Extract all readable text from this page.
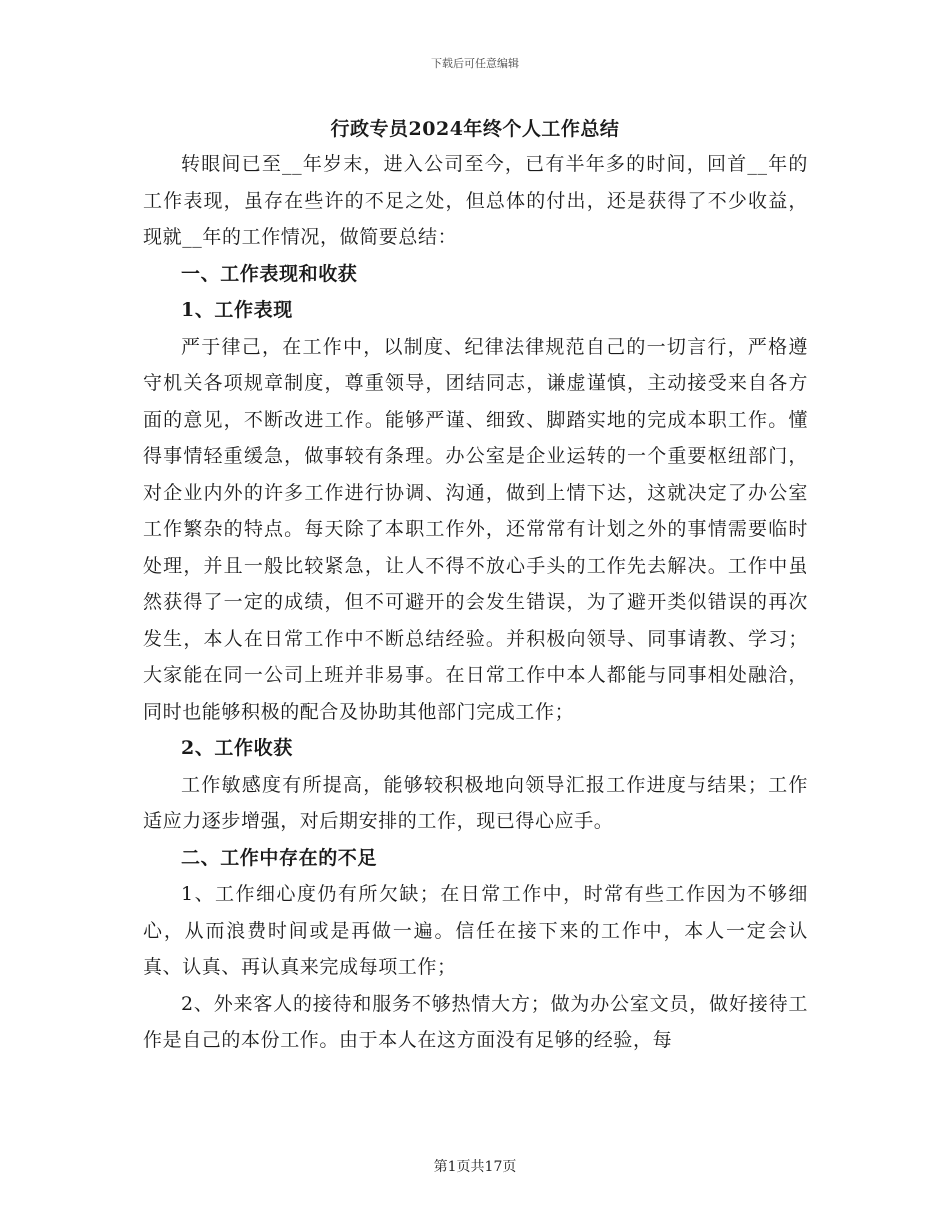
下载后可任意编辑
行政专员2024年终个人工作总结

转眼间已至__年岁末，进入公司至今，已有半年多的时间，回首__年的工作表现，虽存在些许的不足之处，但总体的付出，还是获得了不少收益，现就__年的工作情况，做简要总结：

一、工作表现和收获

1、工作表现

严于律己，在工作中，以制度、纪律法律规范自己的一切言行，严格遵守机关各项规章制度，尊重领导，团结同志，谦虚谨慎，主动接受来自各方面的意见，不断改进工作。能够严谨、细致、脚踏实地的完成本职工作。懂得事情轻重缓急，做事较有条理。办公室是企业运转的一个重要枢纽部门，对企业内外的许多工作进行协调、沟通，做到上情下达，这就决定了办公室工作繁杂的特点。每天除了本职工作外，还常常有计划之外的事情需要临时处理，并且一般比较紧急，让人不得不放心手头的工作先去解决。工作中虽然获得了一定的成绩，但不可避开的会发生错误，为了避开类似错误的再次发生，本人在日常工作中不断总结经验。并积极向领导、同事请教、学习；大家能在同一公司上班并非易事。在日常工作中本人都能与同事相处融洽，同时也能够积极的配合及协助其他部门完成工作；

2、工作收获

工作敏感度有所提高，能够较积极地向领导汇报工作进度与结果；工作适应力逐步增强，对后期安排的工作，现已得心应手。

二、工作中存在的不足

1、工作细心度仍有所欠缺；在日常工作中，时常有些工作因为不够细心，从而浪费时间或是再做一遍。信任在接下来的工作中，本人一定会认真、认真、再认真来完成每项工作；

2、外来客人的接待和服务不够热情大方；做为办公室文员，做好接待工作是自己的本份工作。由于本人在这方面没有足够的经验，每

第1页共17页
